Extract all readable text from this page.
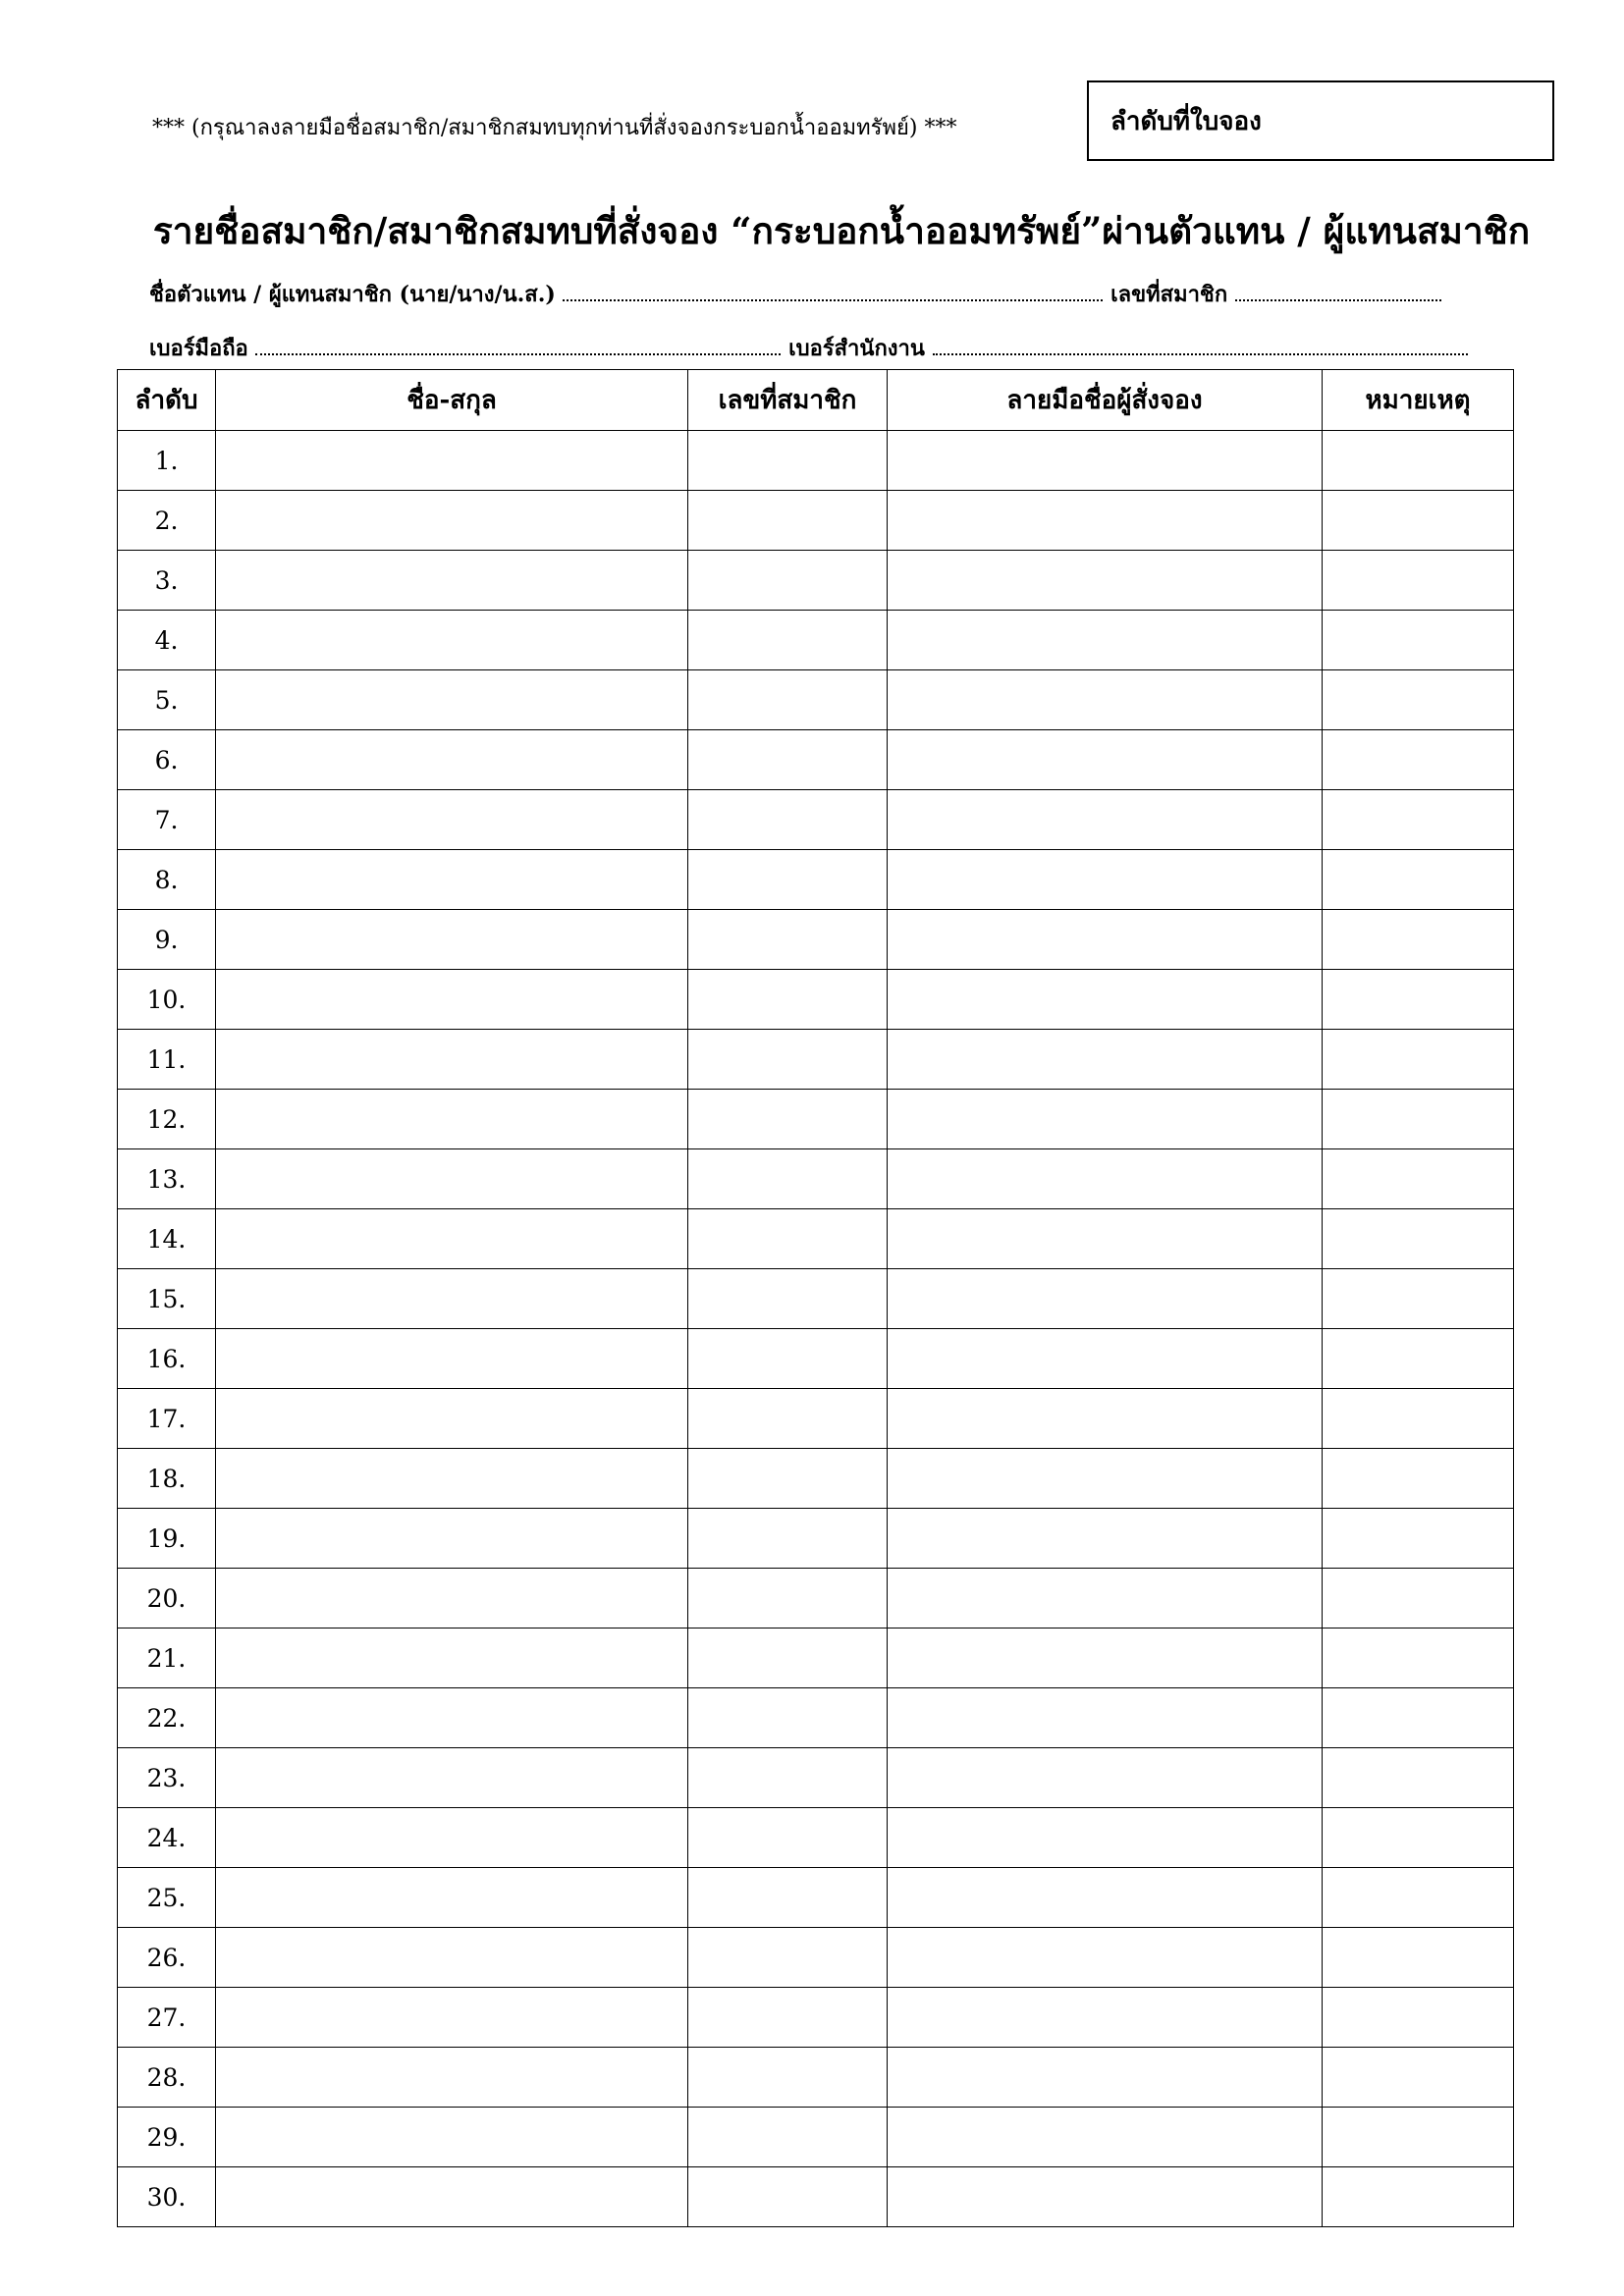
*** (กรุณาลงลายมือชื่อสมาชิก/สมาชิกสมทบทุกท่านที่สั่งจองกระบอกน้ำออมทรัพย์) ***	ลำดับที่ใบจอง
รายชื่อสมาชิก/สมาชิกสมทบที่สั่งจอง “กระบอกน้ำออมทรัพย์”ผ่านตัวแทน / ผู้แทนสมาชิก
ชื่อตัวแทน / ผู้แทนสมาชิก (นาย/นาง/น.ส.)	เลขที่สมาชิก
เบอร์มือถือ	เบอร์สำนักงาน
ลำดับ	ชื่อ-สกุล	เลขที่สมาชิก	ลายมือชื่อผู้สั่งจอง	หมายเหตุ
1.				
2.				
3.				
4.				
5.				
6.				
7.				
8.				
9.				
10.				
11.				
12.				
13.				
14.				
15.				
16.				
17.				
18.				
19.				
20.				
21.				
22.				
23.				
24.				
25.				
26.				
27.				
28.				
29.				
30.				
